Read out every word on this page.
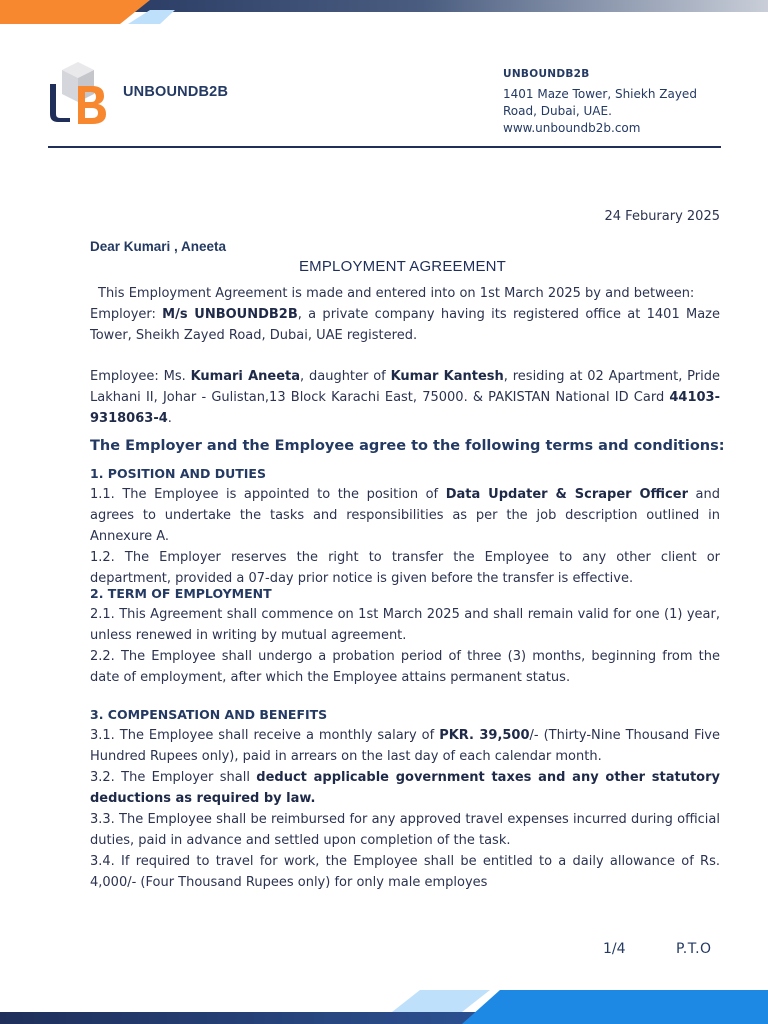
UNBOUNDB2B
UNBOUNDB2B
1401 Maze Tower, Shiekh Zayed
Road, Dubai, UAE.
www.unboundb2b.com
24 Feburary 2025
Dear Kumari , Aneeta
EMPLOYMENT AGREEMENT

This Employment Agreement is made and entered into on 1st March 2025 by and between:

Employer: M/s UNBOUNDB2B, a private company having its registered office at 1401 Maze Tower, Sheikh Zayed Road, Dubai, UAE registered.

Employee: Ms. Kumari Aneeta, daughter of Kumar Kantesh, residing at 02 Apartment, Pride Lakhani II, Johar - Gulistan,13 Block Karachi East, 75000. & PAKISTAN National ID Card 44103-9318063-4.

The Employer and the Employee agree to the following terms and conditions:
1. POSITION AND DUTIES

1.1. The Employee is appointed to the position of Data Updater & Scraper Officer and agrees to undertake the tasks and responsibilities as per the job description outlined in Annexure A.

1.2. The Employer reserves the right to transfer the Employee to any other client or department, provided a 07-day prior notice is given before the transfer is effective.

2. TERM OF EMPLOYMENT

2.1. This Agreement shall commence on 1st March 2025 and shall remain valid for one (1) year, unless renewed in writing by mutual agreement.

2.2. The Employee shall undergo a probation period of three (3) months, beginning from the date of employment, after which the Employee attains permanent status.

3. COMPENSATION AND BENEFITS

3.1. The Employee shall receive a monthly salary of PKR. 39,500/- (Thirty-Nine Thousand Five Hundred Rupees only), paid in arrears on the last day of each calendar month.

3.2. The Employer shall deduct applicable government taxes and any other statutory deductions as required by law.

3.3. The Employee shall be reimbursed for any approved travel expenses incurred during official duties, paid in advance and settled upon completion of the task.

3.4. If required to travel for work, the Employee shall be entitled to a daily allowance of Rs. 4,000/- (Four Thousand Rupees only) for only male employes

1/4	P.T.O
